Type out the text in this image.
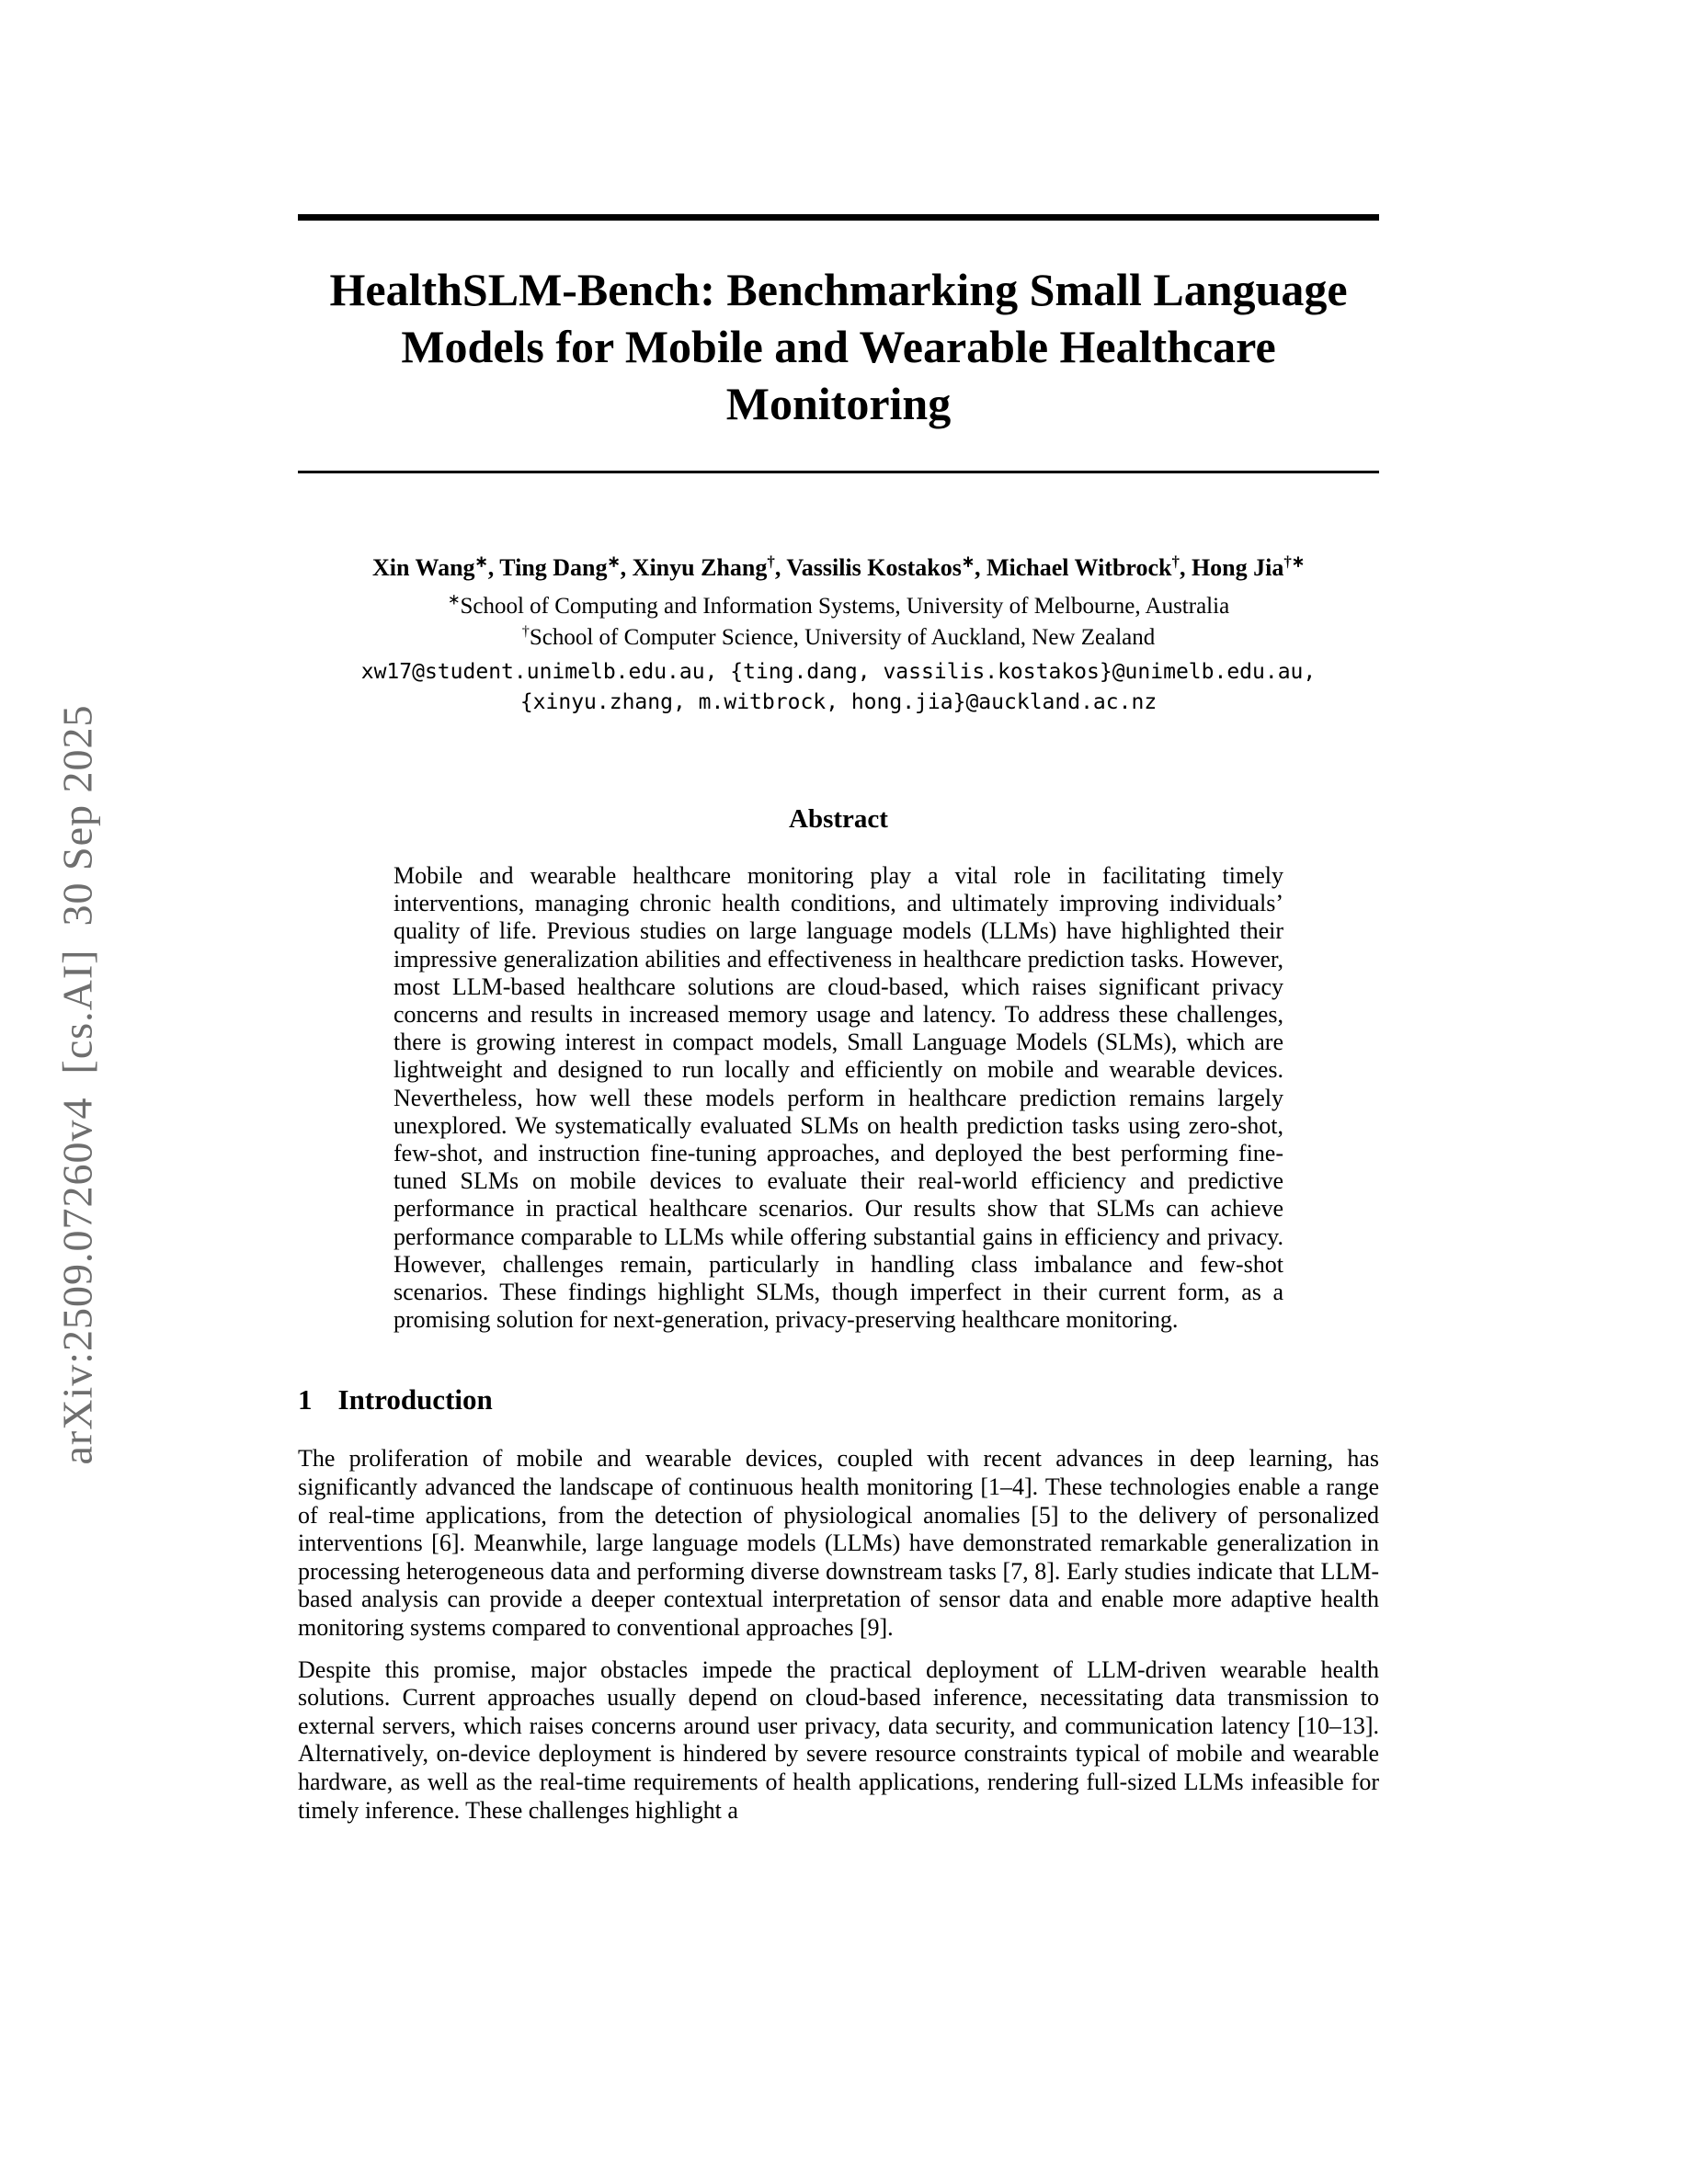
arXiv:2509.07260v4  [cs.AI]  30 Sep 2025
HealthSLM-Bench: Benchmarking Small Language
Models for Mobile and Wearable Healthcare
Monitoring
Xin Wang∗, Ting Dang∗, Xinyu Zhang†, Vassilis Kostakos∗, Michael Witbrock†, Hong Jia†∗
∗School of Computing and Information Systems, University of Melbourne, Australia
†School of Computer Science, University of Auckland, New Zealand
xw17@student.unimelb.edu.au, {ting.dang, vassilis.kostakos}@unimelb.edu.au,
{xinyu.zhang, m.witbrock, hong.jia}@auckland.ac.nz
Abstract
Mobile and wearable healthcare monitoring play a vital role in facilitating timely interventions, managing chronic health conditions, and ultimately improving individuals’ quality of life. Previous studies on large language models (LLMs) have highlighted their impressive generalization abilities and effectiveness in healthcare prediction tasks. However, most LLM-based healthcare solutions are cloud-based, which raises significant privacy concerns and results in increased memory usage and latency. To address these challenges, there is growing interest in compact models, Small Language Models (SLMs), which are lightweight and designed to run locally and efficiently on mobile and wearable devices. Nevertheless, how well these models perform in healthcare prediction remains largely unexplored. We systematically evaluated SLMs on health prediction tasks using zero-shot, few-shot, and instruction fine-tuning approaches, and deployed the best performing fine-tuned SLMs on mobile devices to evaluate their real-world efficiency and predictive performance in practical healthcare scenarios. Our results show that SLMs can achieve performance comparable to LLMs while offering substantial gains in efficiency and privacy. However, challenges remain, particularly in handling class imbalance and few-shot scenarios. These findings highlight SLMs, though imperfect in their current form, as a promising solution for next-generation, privacy-preserving healthcare monitoring.
1 Introduction
The proliferation of mobile and wearable devices, coupled with recent advances in deep learning, has significantly advanced the landscape of continuous health monitoring [1–4]. These technologies enable a range of real-time applications, from the detection of physiological anomalies [5] to the delivery of personalized interventions [6]. Meanwhile, large language models (LLMs) have demonstrated remarkable generalization in processing heterogeneous data and performing diverse downstream tasks [7, 8]. Early studies indicate that LLM-based analysis can provide a deeper contextual interpretation of sensor data and enable more adaptive health monitoring systems compared to conventional approaches [9].
Despite this promise, major obstacles impede the practical deployment of LLM-driven wearable health solutions. Current approaches usually depend on cloud-based inference, necessitating data transmission to external servers, which raises concerns around user privacy, data security, and communication latency [10–13]. Alternatively, on-device deployment is hindered by severe resource constraints typical of mobile and wearable hardware, as well as the real-time requirements of health applications, rendering full-sized LLMs infeasible for timely inference. These challenges highlight a
